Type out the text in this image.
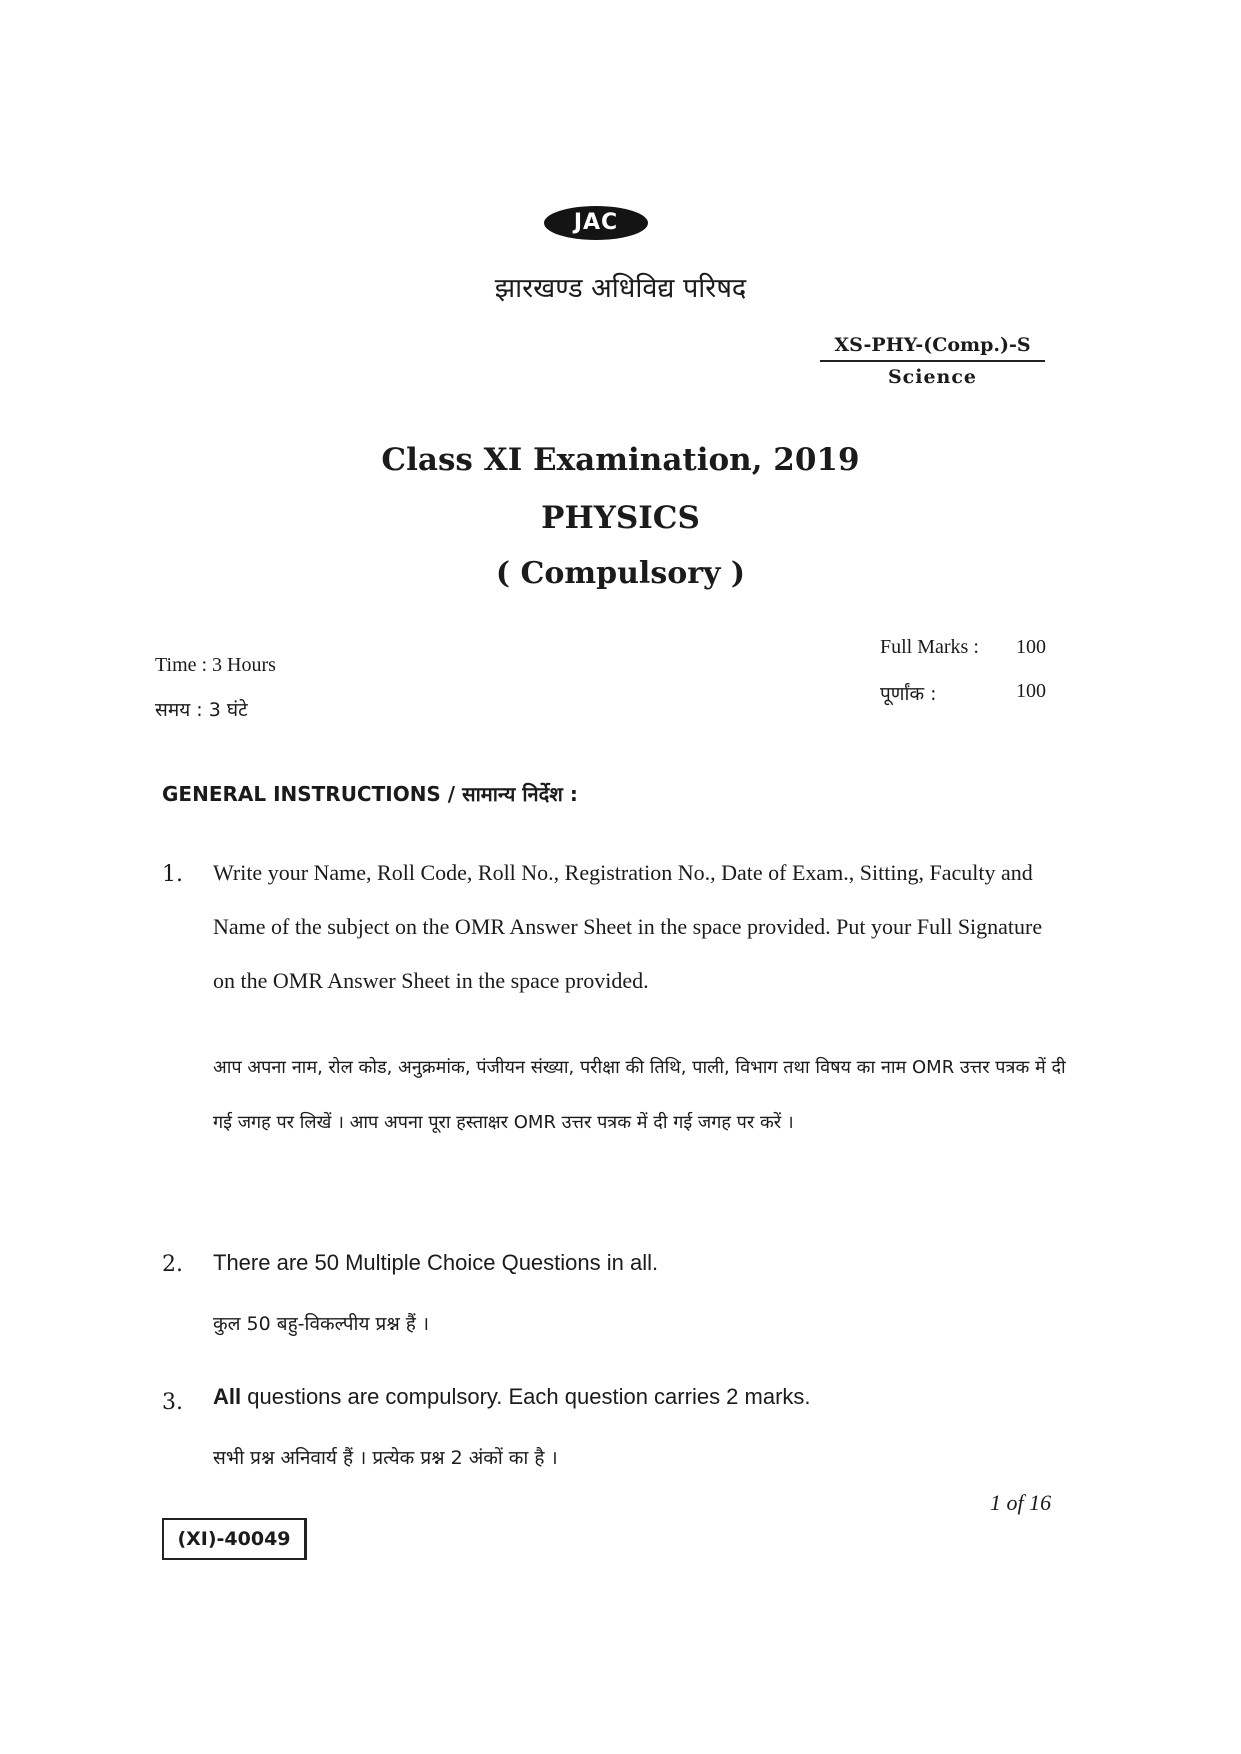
JAC
झारखण्ड अधिविद्य परिषद
XS-PHY-(Comp.)-S
Science
Class XI Examination, 2019
PHYSICS
( Compulsory )
Time : 3 Hours
समय : 3 घंटे
Full Marks : 100
पूर्णांक :	100
GENERAL INSTRUCTIONS / सामान्य निर्देश :
1. Write your Name, Roll Code, Roll No., Registration No., Date of Exam., Sitting, Faculty and Name of the subject on the OMR Answer Sheet in the space provided. Put your Full Signature on the OMR Answer Sheet in the space provided.
आप अपना नाम, रोल कोड, अनुक्रमांक, पंजीयन संख्या, परीक्षा की तिथि, पाली, विभाग तथा विषय का नाम OMR उत्तर पत्रक में दी गई जगह पर लिखें । आप अपना पूरा हस्ताक्षर OMR उत्तर पत्रक में दी गई जगह पर करें ।
2. There are 50 Multiple Choice Questions in all.
कुल 50 बहु-विकल्पीय प्रश्न हैं ।
3. All questions are compulsory. Each question carries 2 marks.
सभी प्रश्न अनिवार्य हैं । प्रत्येक प्रश्न 2 अंकों का है ।
1 of 16
(XI)-40049
